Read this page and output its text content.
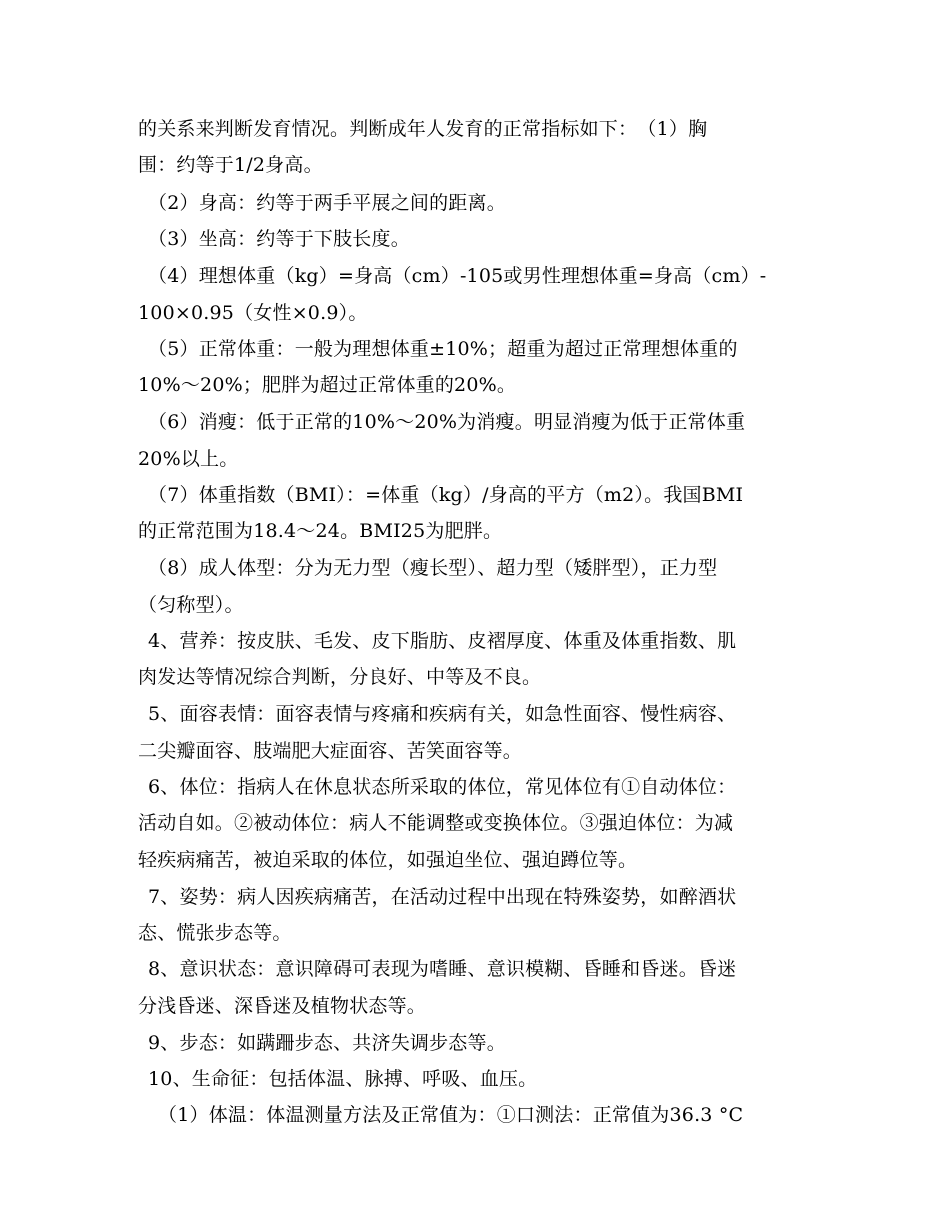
的关系来判断发育情况。判断成年人发育的正常指标如下：　（1）胸
围：约等于1/2身高。
（2）身高：约等于两手平展之间的距离。
（3）坐高：约等于下肢长度。
（4）理想体重（kg）=身高（cm）-105或男性理想体重=身高（cm）-
100×0.95（女性×0.9）。
（5）正常体重：一般为理想体重±10%；超重为超过正常理想体重的
10%～20%；肥胖为超过正常体重的20%。
（6）消瘦：低于正常的10%～20%为消瘦。明显消瘦为低于正常体重
20%以上。
（7）体重指数（BMI）：=体重（kg）/身高的平方（m2）。我国BMI
的正常范围为18.4～24。BMI25为肥胖。
（8）成人体型：分为无力型（瘦长型）、超力型（矮胖型），正力型
（匀称型）。
4、营养：按皮肤、毛发、皮下脂肪、皮褶厚度、体重及体重指数、肌
肉发达等情况综合判断，分良好、中等及不良。
5、面容表情：面容表情与疼痛和疾病有关，如急性面容、慢性病容、
二尖瓣面容、肢端肥大症面容、苦笑面容等。
6、体位：指病人在休息状态所采取的体位，常见体位有①自动体位：
活动自如。②被动体位：病人不能调整或变换体位。③强迫体位：为减
轻疾病痛苦，被迫采取的体位，如强迫坐位、强迫蹲位等。
7、姿势：病人因疾病痛苦，在活动过程中出现在特殊姿势，如醉酒状
态、慌张步态等。
8、意识状态：意识障碍可表现为嗜睡、意识模糊、昏睡和昏迷。昏迷
分浅昏迷、深昏迷及植物状态等。
9、步态：如蹒跚步态、共济失调步态等。
10、生命征：包括体温、脉搏、呼吸、血压。
（1）体温：体温测量方法及正常值为：①口测法：正常值为36.3 °C
